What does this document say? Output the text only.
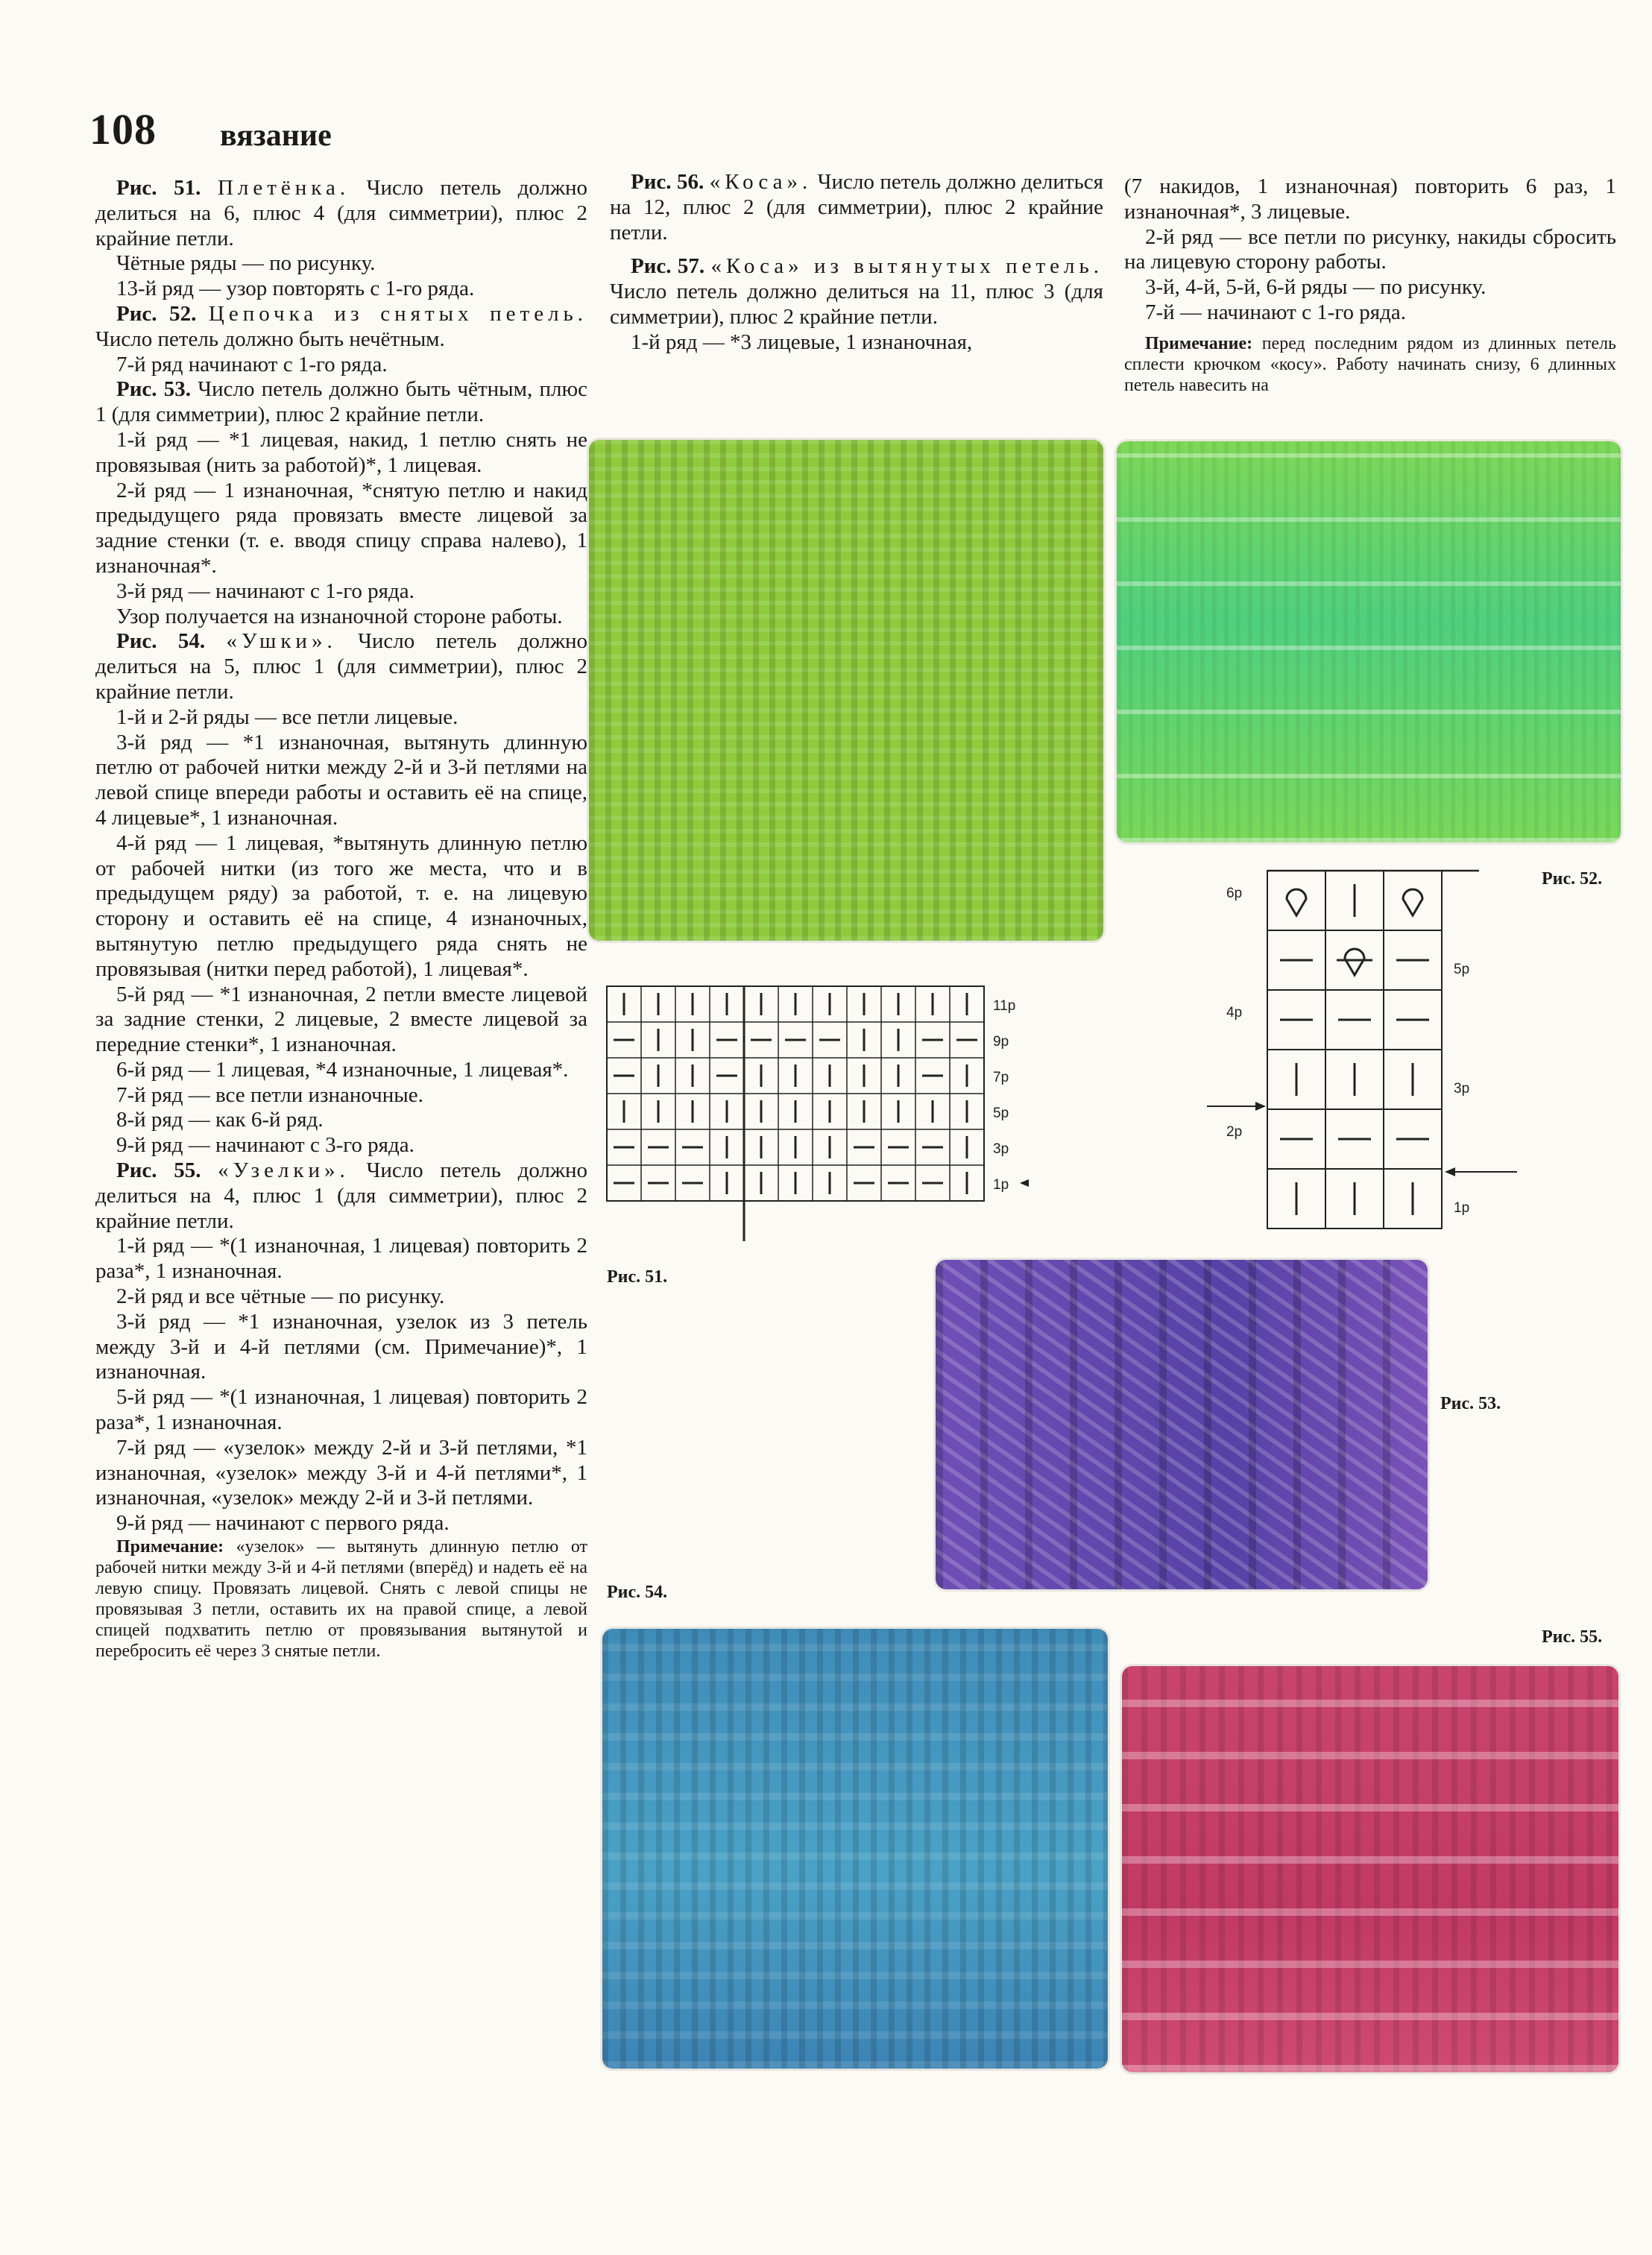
108 вязание

Рис. 51. Плетёнка. Число петель должно делиться на 6, плюс 4 (для симметрии), плюс 2 крайние петли.

Чётные ряды — по рисунку.

13-й ряд — узор повторять с 1-го ряда.

Рис. 52. Цепочка из снятых петель. Число петель должно быть нечётным.

7-й ряд начинают с 1-го ряда.

Рис. 53. Число петель должно быть чётным, плюс 1 (для симметрии), плюс 2 крайние петли.

1-й ряд — *1 лицевая, накид, 1 петлю снять не провязывая (нить за работой)*, 1 лицевая.

2-й ряд — 1 изнаночная, *снятую петлю и накид предыдущего ряда провязать вместе лицевой за задние стенки (т. е. вводя спицу справа налево), 1 изнаночная*.

3-й ряд — начинают с 1-го ряда.

Узор получается на изнаночной стороне работы.

Рис. 54. «Ушки». Число петель должно делиться на 5, плюс 1 (для симметрии), плюс 2 крайние петли.

1-й и 2-й ряды — все петли лицевые.

3-й ряд — *1 изнаночная, вытянуть длинную петлю от рабочей нитки между 2-й и 3-й петлями на левой спице впереди работы и оставить её на спице, 4 лицевые*, 1 изнаночная.

4-й ряд — 1 лицевая, *вытянуть длинную петлю от рабочей нитки (из того же места, что и в предыдущем ряду) за работой, т. е. на лицевую сторону и оставить её на спице, 4 изнаночных, вытянутую петлю предыдущего ряда снять не провязывая (нитки перед работой), 1 лицевая*.

5-й ряд — *1 изнаночная, 2 петли вместе лицевой за задние стенки, 2 лицевые, 2 вместе лицевой за передние стенки*, 1 изнаночная.

6-й ряд — 1 лицевая, *4 изнаночные, 1 лицевая*.

7-й ряд — все петли изнаночные.

8-й ряд — как 6-й ряд.

9-й ряд — начинают с 3-го ряда.

Рис. 55. «Узелки». Число петель должно делиться на 4, плюс 1 (для симметрии), плюс 2 крайние петли.

1-й ряд — *(1 изнаночная, 1 лицевая) повторить 2 раза*, 1 изнаночная.

2-й ряд и все чётные — по рисунку.

3-й ряд — *1 изнаночная, узелок из 3 петель между 3-й и 4-й петлями (см. Примечание)*, 1 изнаночная.

5-й ряд — *(1 изнаночная, 1 лицевая) повторить 2 раза*, 1 изнаночная.

7-й ряд — «узелок» между 2-й и 3-й петлями, *1 изнаночная, «узелок» между 3-й и 4-й петлями*, 1 изнаночная, «узелок» между 2-й и 3-й петлями.

9-й ряд — начинают с первого ряда.

Примечание: «узелок» — вытянуть длинную петлю от рабочей нитки между 3-й и 4-й петлями (вперёд) и надеть её на левую спицу. Провязать лицевой. Снять с левой спицы не провязывая 3 петли, оставить их на правой спице, а левой спицей подхватить петлю от провязывания вытянутой и перебросить её через 3 снятые петли.

Рис. 56. «Коса». Число петель должно делиться на 12, плюс 2 (для симметрии), плюс 2 крайние петли.

Рис. 57. «Коса» из вытянутых петель. Число петель должно делиться на 11, плюс 3 (для симметрии), плюс 2 крайние петли.

1-й ряд — *3 лицевые, 1 изнаночная,

(7 накидов, 1 изнаночная) повторить 6 раз, 1 изнаночная*, 3 лицевые.

2-й ряд — все петли по рисунку, накиды сбросить на лицевую сторону работы.

3-й, 4-й, 5-й, 6-й ряды — по рисунку.

7-й — начинают с 1-го ряда.

Примечание: перед последним рядом из длинных петель сплести крючком «косу». Работу начинать снизу, 6 длинных петель навесить на

11р
9р
7р
5р
3р
1р
6р
4р
2р
5р
3р
1р
Рис. 52.
Рис. 51.
Рис. 53.
Рис. 54.
Рис. 55.
